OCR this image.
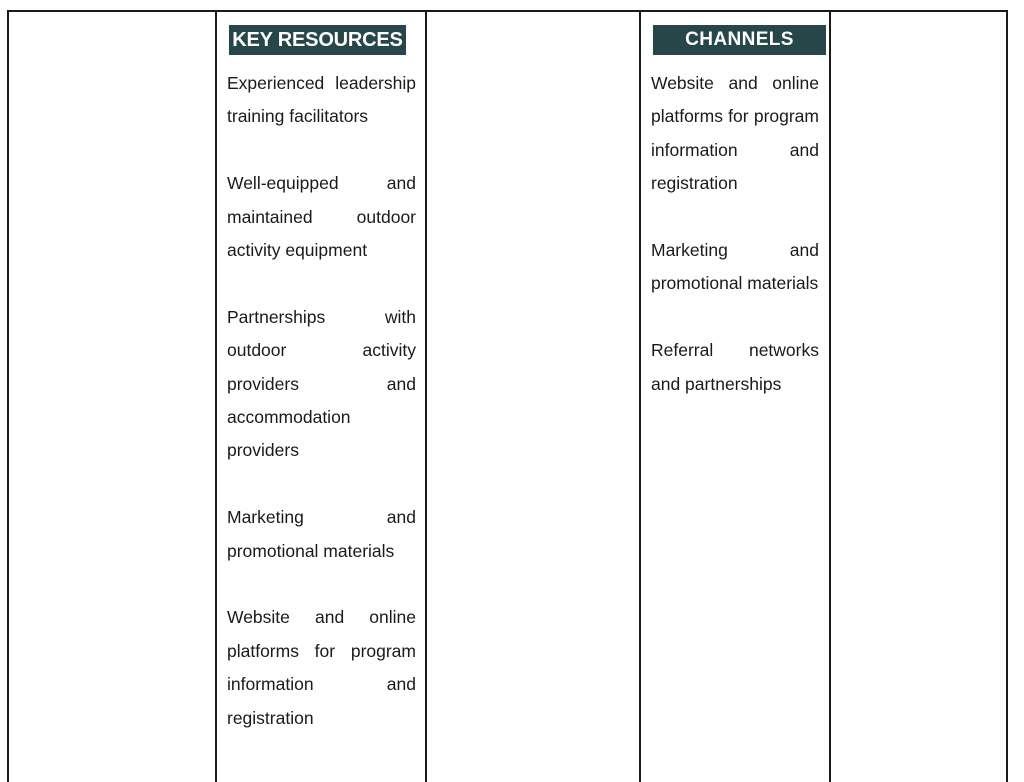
KEY RESOURCES
Experienced leadership training facilitators
Well-equipped and maintained outdoor activity equipment
Partnerships with outdoor activity providers and accommodation providers
Marketing and promotional materials
Website and online platforms for program information and registration
CHANNELS
Website and online platforms for program information and registration
Marketing and promotional materials
Referral networks and partnerships
